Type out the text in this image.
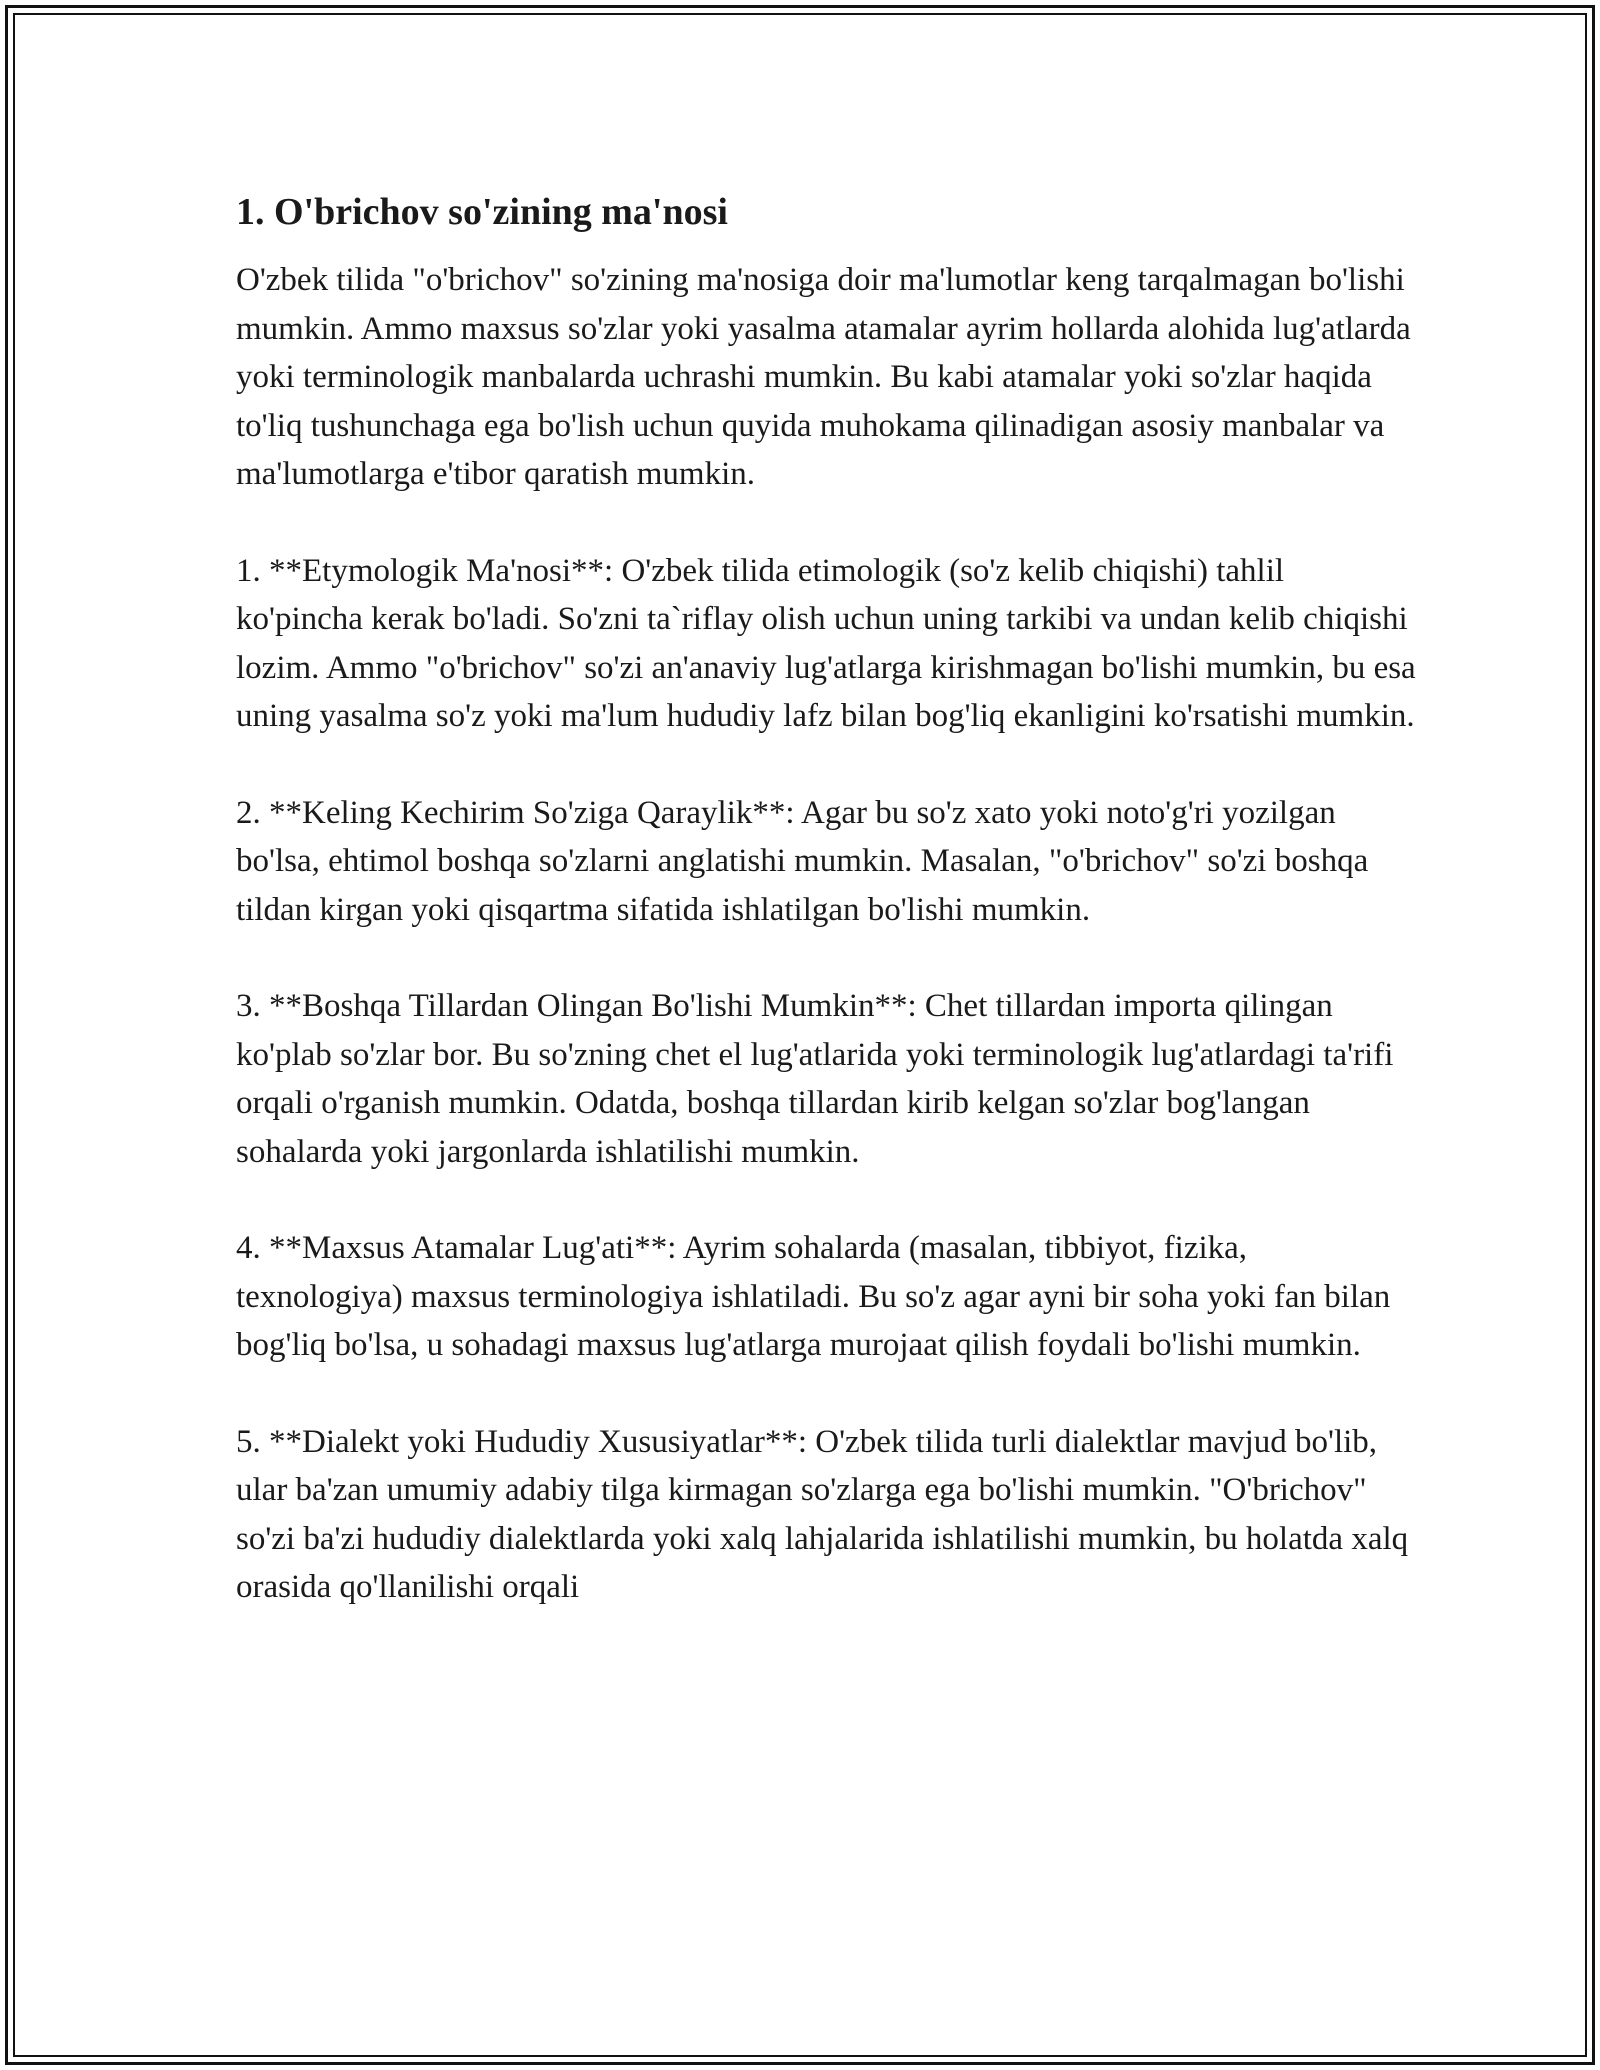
1. O'brichov so'zining ma'nosi

O'zbek tilida "o'brichov" so'zining ma'nosiga doir ma'lumotlar keng tarqalmagan bo'lishi mumkin. Ammo maxsus so'zlar yoki yasalma atamalar ayrim hollarda alohida lug'atlarda yoki terminologik manbalarda uchrashi mumkin. Bu kabi atamalar yoki so'zlar haqida to'liq tushunchaga ega bo'lish uchun quyida muhokama qilinadigan asosiy manbalar va ma'lumotlarga e'tibor qaratish mumkin.

1. **Etymologik Ma'nosi**: O'zbek tilida etimologik (so'z kelib chiqishi) tahlil ko'pincha kerak bo'ladi. So'zni ta`riflay olish uchun uning tarkibi va undan kelib chiqishi lozim. Ammo "o'brichov" so'zi an'anaviy lug'atlarga kirishmagan bo'lishi mumkin, bu esa uning yasalma so'z yoki ma'lum hududiy lafz bilan bog'liq ekanligini ko'rsatishi mumkin.

2. **Keling Kechirim So'ziga Qaraylik**: Agar bu so'z xato yoki noto'g'ri yozilgan bo'lsa, ehtimol boshqa so'zlarni anglatishi mumkin. Masalan, "o'brichov" so'zi boshqa tildan kirgan yoki qisqartma sifatida ishlatilgan bo'lishi mumkin.

3. **Boshqa Tillardan Olingan Bo'lishi Mumkin**: Chet tillardan importa qilingan ko'plab so'zlar bor. Bu so'zning chet el lug'atlarida yoki terminologik lug'atlardagi ta'rifi orqali o'rganish mumkin. Odatda, boshqa tillardan kirib kelgan so'zlar bog'langan sohalarda yoki jargonlarda ishlatilishi mumkin.

4. **Maxsus Atamalar Lug'ati**: Ayrim sohalarda (masalan, tibbiyot, fizika, texnologiya) maxsus terminologiya ishlatiladi. Bu so'z agar ayni bir soha yoki fan bilan bog'liq bo'lsa, u sohadagi maxsus lug'atlarga murojaat qilish foydali bo'lishi mumkin.

5. **Dialekt yoki Hududiy Xususiyatlar**: O'zbek tilida turli dialektlar mavjud bo'lib, ular ba'zan umumiy adabiy tilga kirmagan so'zlarga ega bo'lishi mumkin. "O'brichov" so'zi ba'zi hududiy dialektlarda yoki xalq lahjalarida ishlatilishi mumkin, bu holatda xalq orasida qo'llanilishi orqali
